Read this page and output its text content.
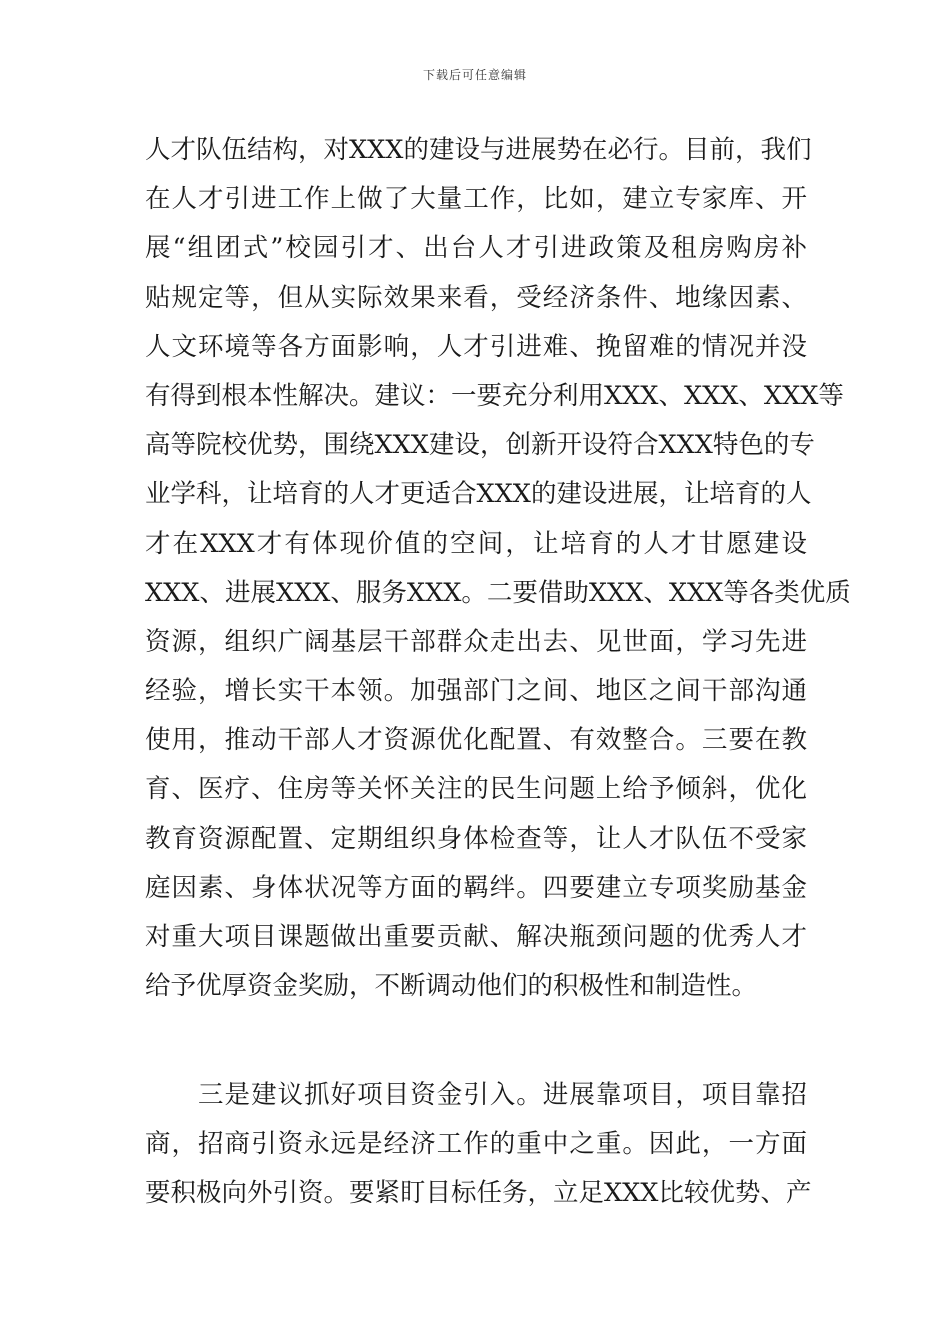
下载后可任意编辑
人才队伍结构，对XXX的建设与进展势在必行。目前，我们
在人才引进工作上做了大量工作，比如，建立专家库、开
展“组团式”校园引才、出台人才引进政策及租房购房补
贴规定等，但从实际效果来看，受经济条件、地缘因素、
人文环境等各方面影响，人才引进难、挽留难的情况并没
有得到根本性解决。建议：一要充分利用XXX、XXX、XXX等
高等院校优势，围绕XXX建设，创新开设符合XXX特色的专
业学科，让培育的人才更适合XXX的建设进展，让培育的人
才在XXX才有体现价值的空间，让培育的人才甘愿建设
XXX、进展XXX、服务XXX。二要借助XXX、XXX等各类优质
资源，组织广阔基层干部群众走出去、见世面，学习先进
经验，增长实干本领。加强部门之间、地区之间干部沟通
使用，推动干部人才资源优化配置、有效整合。三要在教
育、医疗、住房等关怀关注的民生问题上给予倾斜，优化
教育资源配置、定期组织身体检查等，让人才队伍不受家
庭因素、身体状况等方面的羁绊。四要建立专项奖励基金
对重大项目课题做出重要贡献、解决瓶颈问题的优秀人才
给予优厚资金奖励，不断调动他们的积极性和制造性。
　　三是建议抓好项目资金引入。进展靠项目，项目靠招
商，招商引资永远是经济工作的重中之重。因此，一方面
要积极向外引资。要紧盯目标任务，立足XXX比较优势、产
